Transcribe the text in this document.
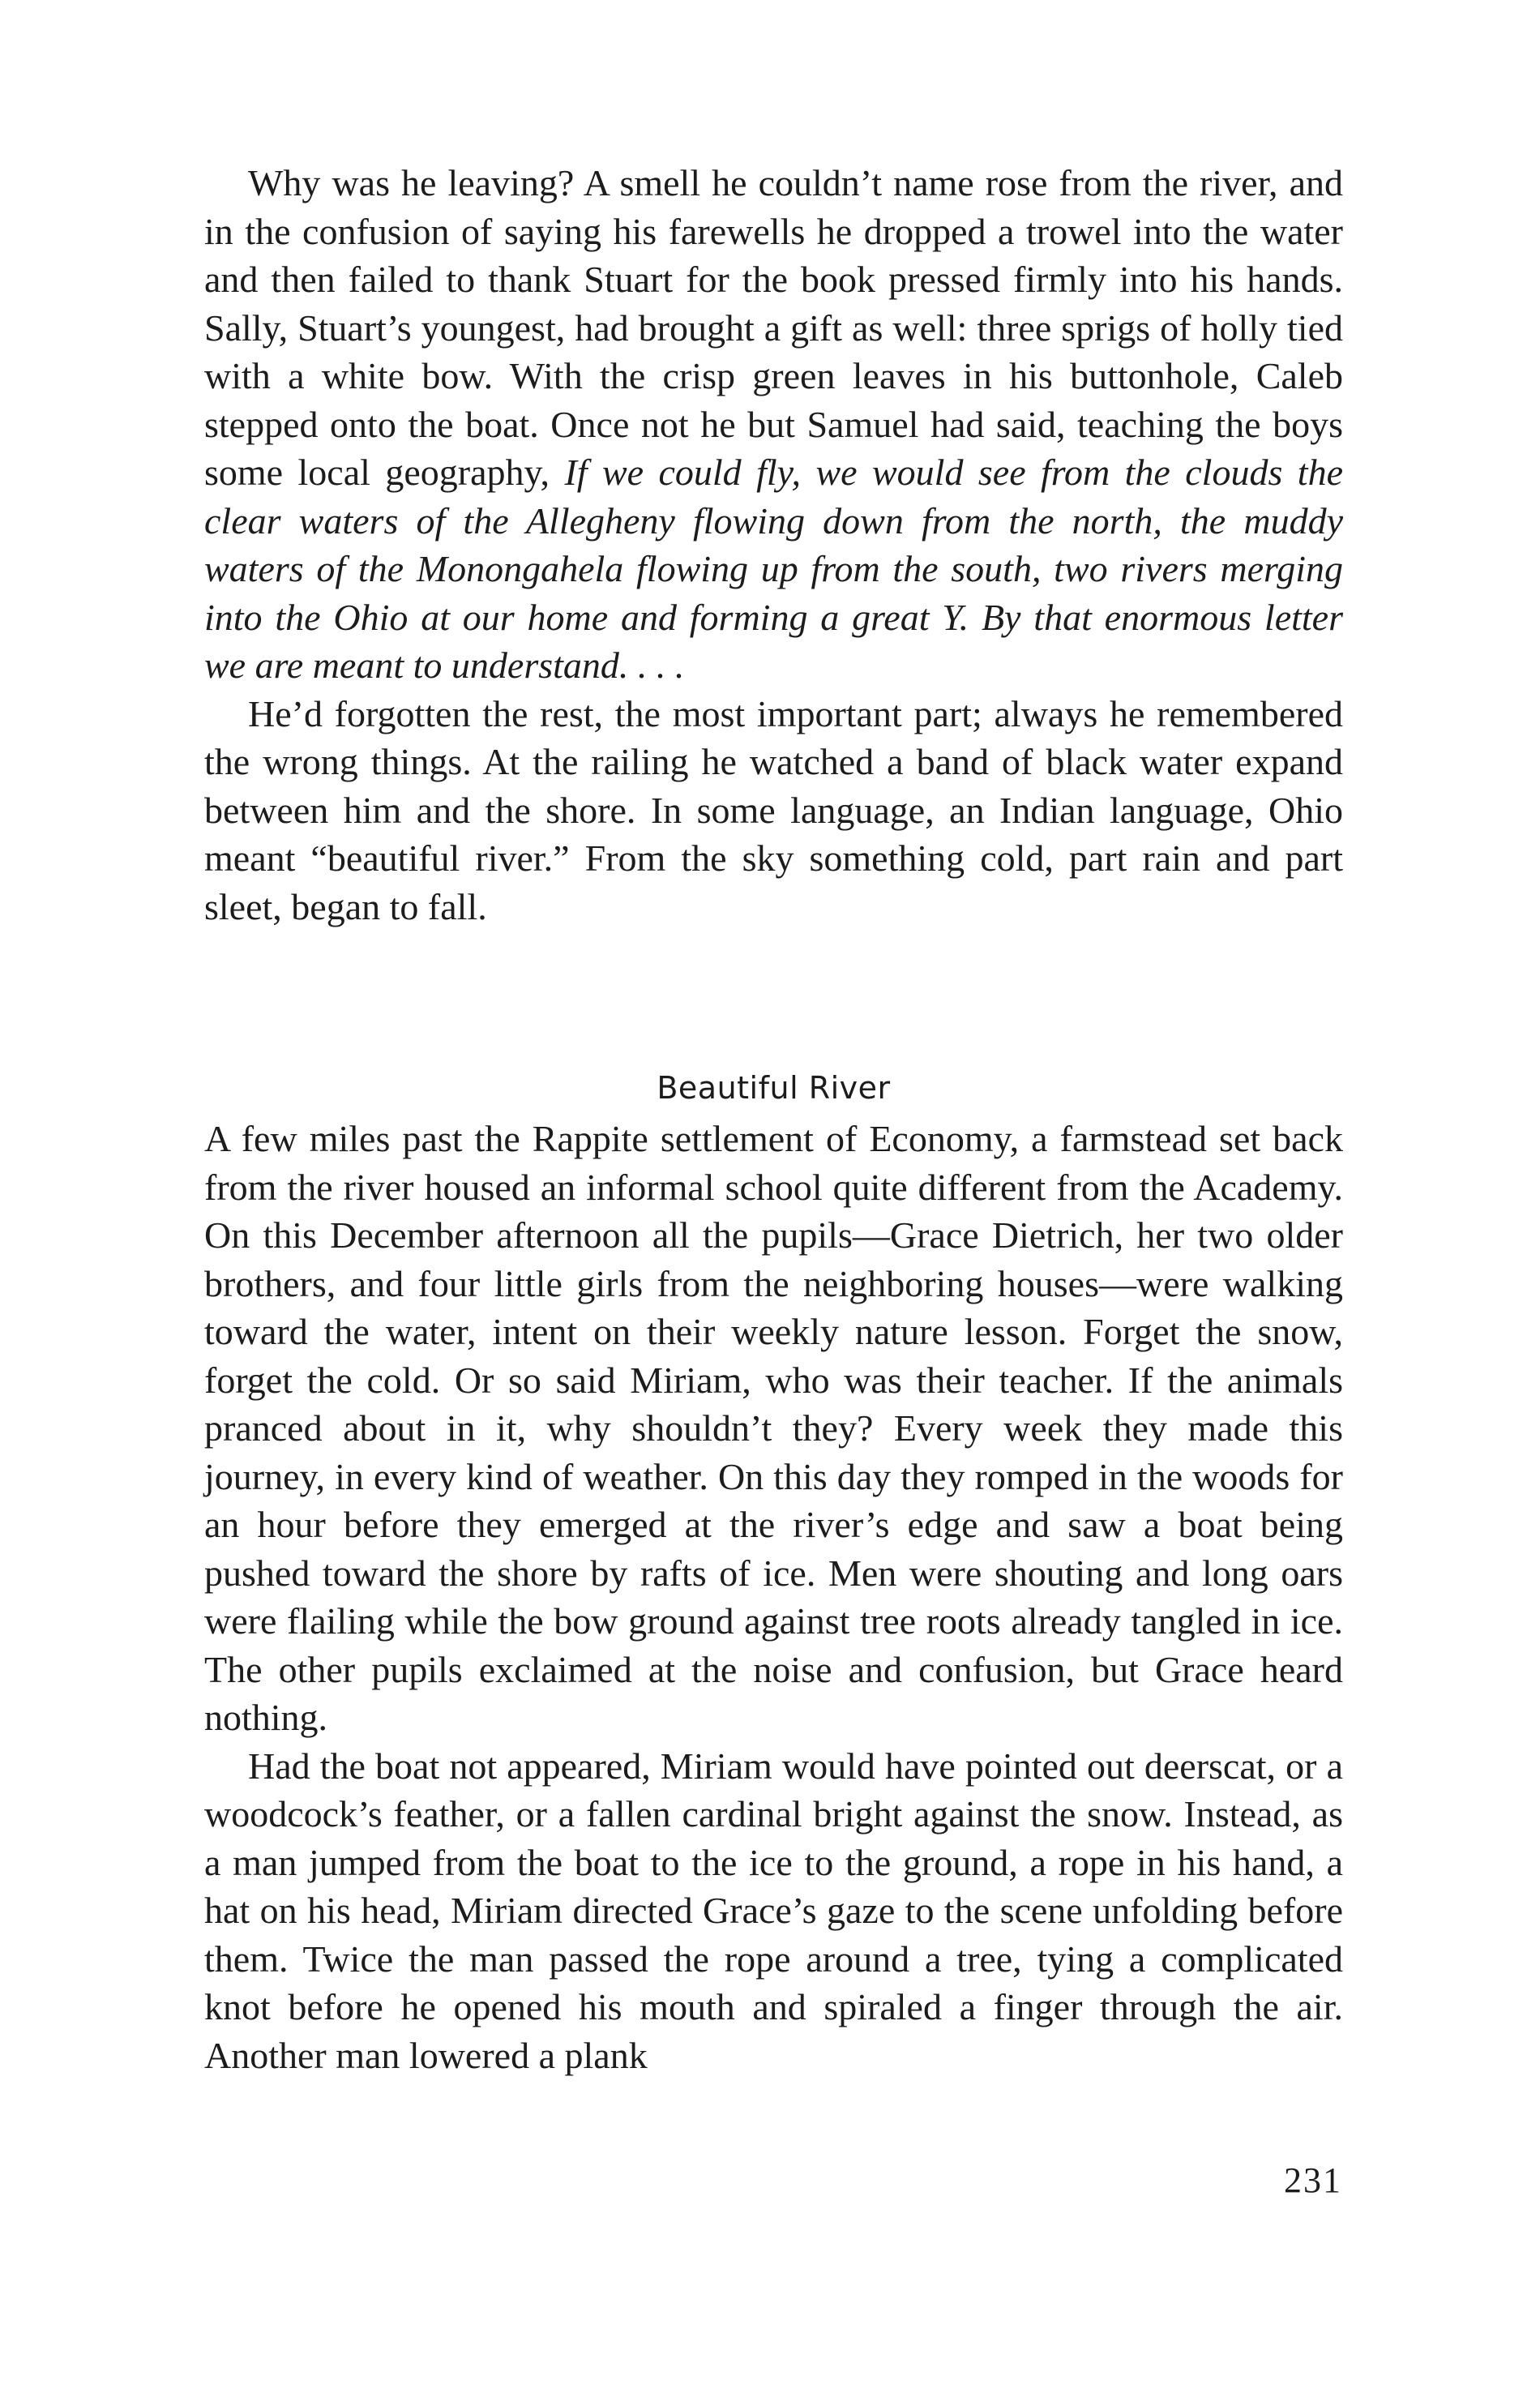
Why was he leaving? A smell he couldn’t name rose from the river, and in the confusion of saying his farewells he dropped a trowel into the water and then failed to thank Stuart for the book pressed firmly into his hands. Sally, Stuart’s youngest, had brought a gift as well: three sprigs of holly tied with a white bow. With the crisp green leaves in his buttonhole, Caleb stepped onto the boat. Once not he but Samuel had said, teaching the boys some local geography, If we could fly, we would see from the clouds the clear waters of the Allegheny flowing down from the north, the muddy waters of the Monongahela flowing up from the south, two rivers merging into the Ohio at our home and forming a great Y. By that enormous letter we are meant to understand. . . .

He’d forgotten the rest, the most important part; always he remembered the wrong things. At the railing he watched a band of black water expand between him and the shore. In some language, an Indian language, Ohio meant “beautiful river.” From the sky something cold, part rain and part sleet, began to fall.

Beautiful River

A few miles past the Rappite settlement of Economy, a farmstead set back from the river housed an informal school quite different from the Academy. On this December afternoon all the pupils—Grace Dietrich, her two older brothers, and four little girls from the neighboring houses—were walking toward the water, intent on their weekly nature lesson. Forget the snow, forget the cold. Or so said Miriam, who was their teacher. If the animals pranced about in it, why shouldn’t they? Every week they made this journey, in every kind of weather. On this day they romped in the woods for an hour before they emerged at the river’s edge and saw a boat being pushed toward the shore by rafts of ice. Men were shouting and long oars were flailing while the bow ground against tree roots already tangled in ice. The other pupils exclaimed at the noise and confusion, but Grace heard nothing.

Had the boat not appeared, Miriam would have pointed out deerscat, or a woodcock’s feather, or a fallen cardinal bright against the snow. Instead, as a man jumped from the boat to the ice to the ground, a rope in his hand, a hat on his head, Miriam directed Grace’s gaze to the scene unfolding before them. Twice the man passed the rope around a tree, tying a complicated knot before he opened his mouth and spiraled a finger through the air. Another man lowered a plank

231
